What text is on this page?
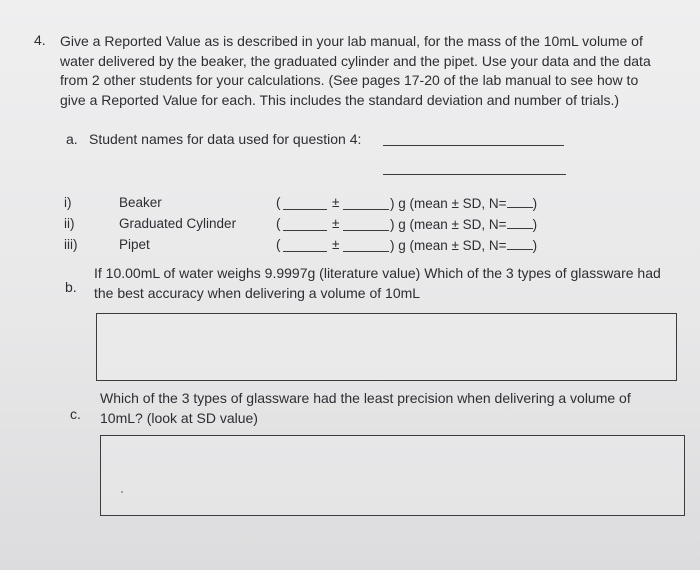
4. Give a Reported Value as is described in your lab manual, for the mass of the 10mL volume of
water delivered by the beaker, the graduated cylinder and the pipet. Use your data and the data
from 2 other students for your calculations. (See pages 17-20 of the lab manual to see how to
give a Reported Value for each. This includes the standard deviation and number of trials.)
a. Student names for data used for question 4:
i)	Beaker	(	±	) g (mean ± SD, N= )
ii)	Graduated Cylinder	(	±	) g (mean ± SD, N= )
iii)	Pipet	(	±	) g (mean ± SD, N= )
b.
If 10.00mL of water weighs 9.9997g (literature value) Which of the 3 types of glassware had
the best accuracy when delivering a volume of 10mL
c.
Which of the 3 types of glassware had the least precision when delivering a volume of
10mL? (look at SD value)
